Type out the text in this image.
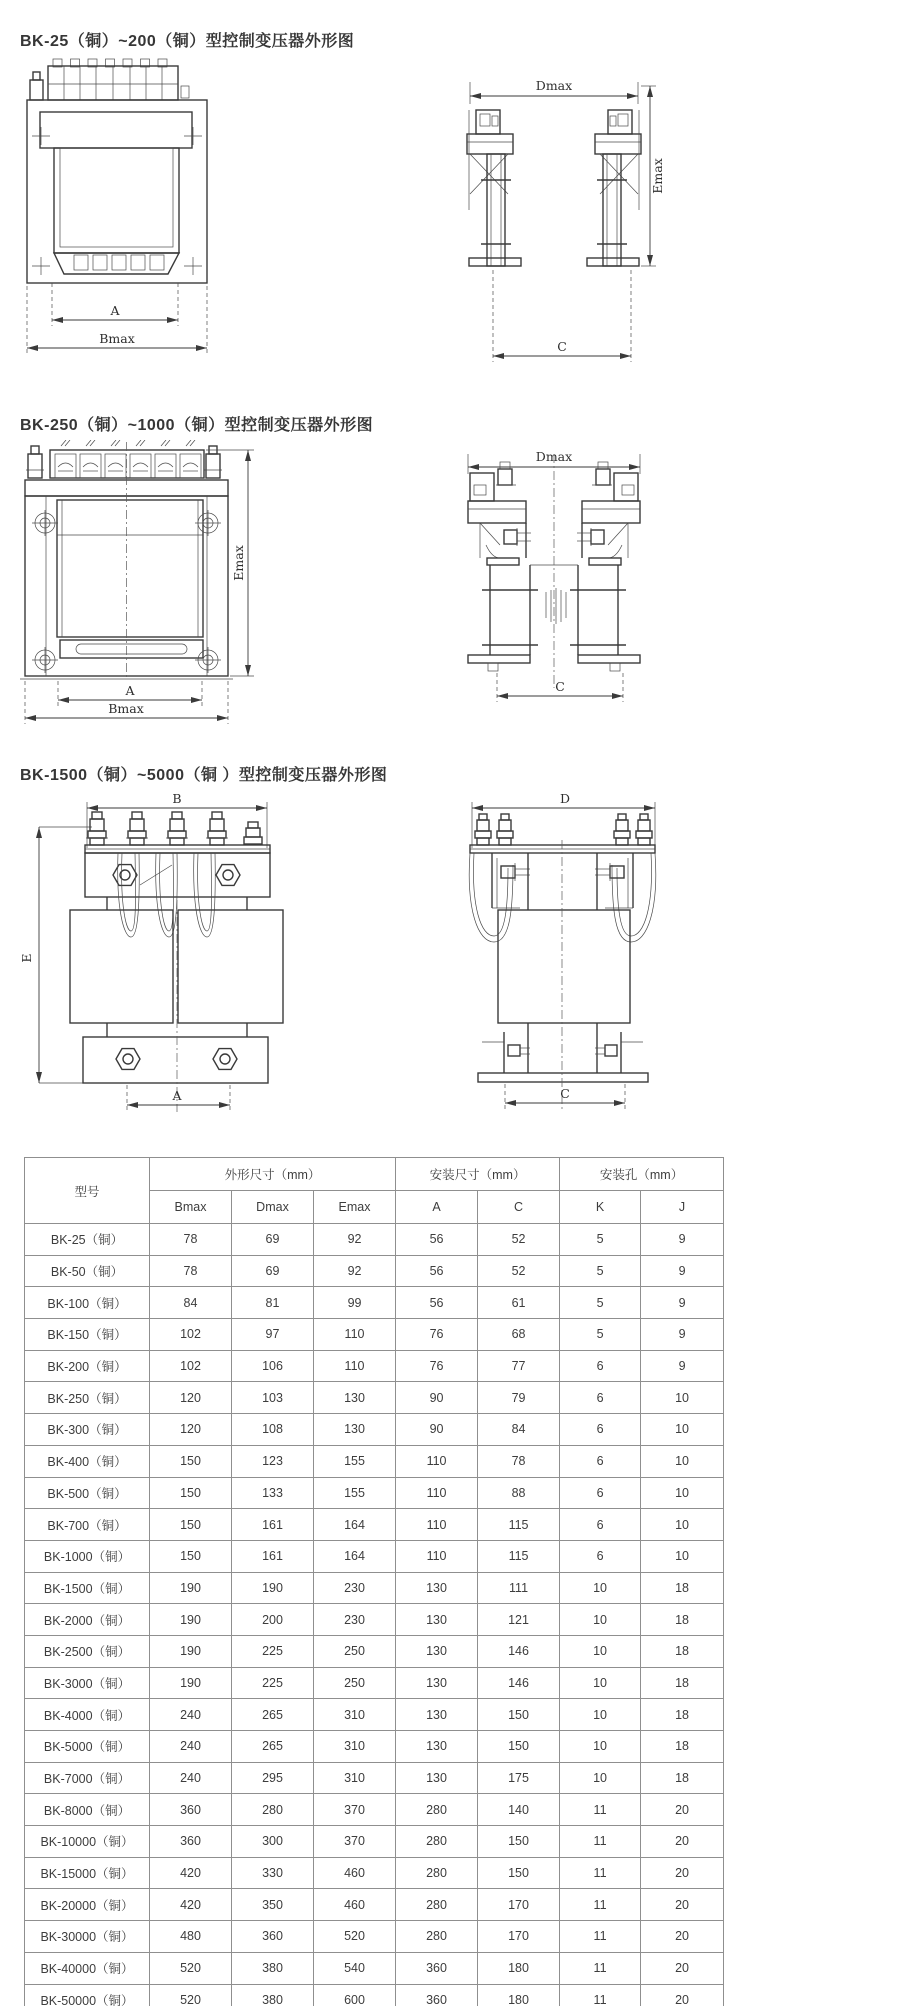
BK-25（铜）~200（铜）型控制变压器外形图
A
Bmax
Dmax
Emax
C
BK-250（铜）~1000（铜）型控制变压器外形图
A
Bmax
Emax
Dmax
C
BK-1500（铜）~5000（铜 ）型控制变压器外形图
B
E
A
D
C
型号	外形尺寸（mm）			安装尺寸（mm）		安装孔（mm）	
	Bmax	Dmax	Emax	A	C	K	J
BK-25（铜）	78	69	92	56	52	5	9
BK-50（铜）	78	69	92	56	52	5	9
BK-100（铜）	84	81	99	56	61	5	9
BK-150（铜）	102	97	110	76	68	5	9
BK-200（铜）	102	106	110	76	77	6	9
BK-250（铜）	120	103	130	90	79	6	10
BK-300（铜）	120	108	130	90	84	6	10
BK-400（铜）	150	123	155	110	78	6	10
BK-500（铜）	150	133	155	110	88	6	10
BK-700（铜）	150	161	164	110	115	6	10
BK-1000（铜）	150	161	164	110	115	6	10
BK-1500（铜）	190	190	230	130	111	10	18
BK-2000（铜）	190	200	230	130	121	10	18
BK-2500（铜）	190	225	250	130	146	10	18
BK-3000（铜）	190	225	250	130	146	10	18
BK-4000（铜）	240	265	310	130	150	10	18
BK-5000（铜）	240	265	310	130	150	10	18
BK-7000（铜）	240	295	310	130	175	10	18
BK-8000（铜）	360	280	370	280	140	11	20
BK-10000（铜）	360	300	370	280	150	11	20
BK-15000（铜）	420	330	460	280	150	11	20
BK-20000（铜）	420	350	460	280	170	11	20
BK-30000（铜）	480	360	520	280	170	11	20
BK-40000（铜）	520	380	540	360	180	11	20
BK-50000（铜）	520	380	600	360	180	11	20
